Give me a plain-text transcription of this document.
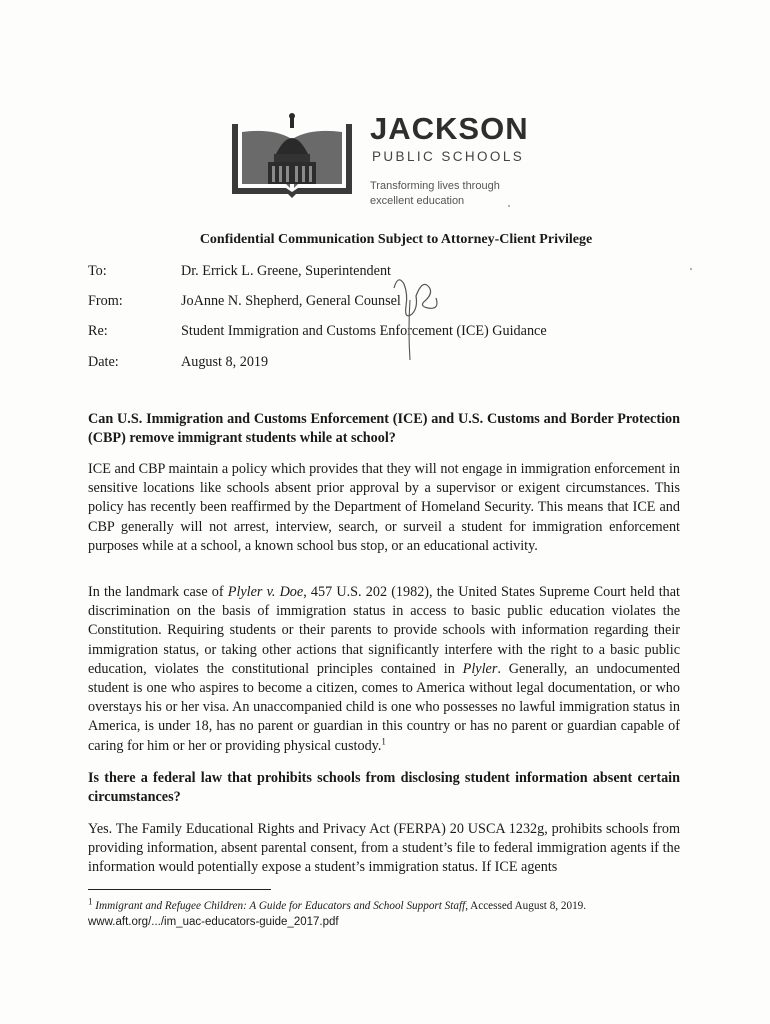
JACKSON
PUBLIC SCHOOLS
Transforming lives through
excellent education
Confidential Communication Subject to Attorney-Client Privilege
To:	Dr. Errick L. Greene, Superintendent
From:	JoAnne N. Shepherd, General Counsel
Re:	Student Immigration and Customs Enforcement (ICE) Guidance
Date:	August 8, 2019
Can U.S. Immigration and Customs Enforcement (ICE) and U.S. Customs and Border Protection (CBP) remove immigrant students while at school?
ICE and CBP maintain a policy which provides that they will not engage in immigration enforcement in sensitive locations like schools absent prior approval by a supervisor or exigent circumstances. This policy has recently been reaffirmed by the Department of Homeland Security. This means that ICE and CBP generally will not arrest, interview, search, or surveil a student for immigration enforcement purposes while at a school, a known school bus stop, or an educational activity.

In the landmark case of Plyler v. Doe, 457 U.S. 202 (1982), the United States Supreme Court held that discrimination on the basis of immigration status in access to basic public education violates the Constitution. Requiring students or their parents to provide schools with information regarding their immigration status, or taking other actions that significantly interfere with the right to a basic public education, violates the constitutional principles contained in Plyler. Generally, an undocumented student is one who aspires to become a citizen, comes to America without legal documentation, or who overstays his or her visa. An unaccompanied child is one who possesses no lawful immigration status in America, is under 18, has no parent or guardian in this country or has no parent or guardian capable of caring for him or her or providing physical custody.$^1$

Is there a federal law that prohibits schools from disclosing student information absent certain circumstances?
Yes. The Family Educational Rights and Privacy Act (FERPA) 20 USCA 1232g, prohibits schools from providing information, absent parental consent, from a student’s file to federal immigration agents if the information would potentially expose a student’s immigration status. If ICE agents
$^1$ Immigrant and Refugee Children: A Guide for Educators and School Support Staff, Accessed August 8, 2019.
www.aft.org/.../im_uac-educators-guide_2017.pdf
